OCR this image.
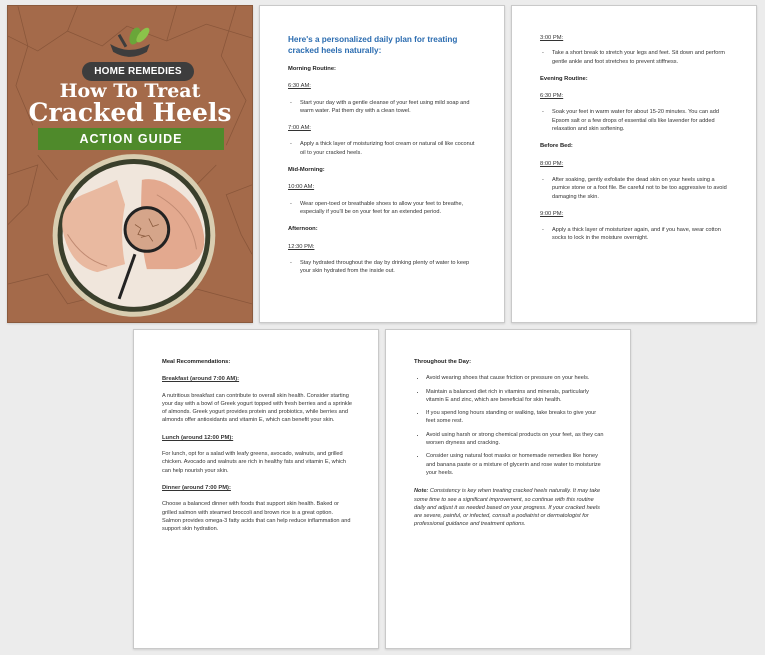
HOME REMEDIES
How To Treat
Cracked Heels
ACTION GUIDE

Here's a personalized daily plan for treating cracked heels naturally:

Morning Routine:

6:30 AM:

- Start your day with a gentle cleanse of your feet using mild soap and warm water. Pat them dry with a clean towel.

7:00 AM:

- Apply a thick layer of moisturizing foot cream or natural oil like coconut oil to your cracked heels.

Mid-Morning:

10:00 AM:

- Wear open-toed or breathable shoes to allow your feet to breathe, especially if you'll be on your feet for an extended period.

Afternoon:

12:30 PM:

- Stay hydrated throughout the day by drinking plenty of water to keep your skin hydrated from the inside out.

3:00 PM:

- Take a short break to stretch your legs and feet. Sit down and perform gentle ankle and foot stretches to prevent stiffness.

Evening Routine:

6:30 PM:

- Soak your feet in warm water for about 15-20 minutes. You can add Epsom salt or a few drops of essential oils like lavender for added relaxation and skin softening.

Before Bed:

8:00 PM:

- After soaking, gently exfoliate the dead skin on your heels using a pumice stone or a foot file. Be careful not to be too aggressive to avoid damaging the skin.

9:00 PM:

- Apply a thick layer of moisturizer again, and if you have, wear cotton socks to lock in the moisture overnight.

Meal Recommendations:

Breakfast (around 7:00 AM):

A nutritious breakfast can contribute to overall skin health. Consider starting your day with a bowl of Greek yogurt topped with fresh berries and a sprinkle of almonds. Greek yogurt provides protein and probiotics, while berries and almonds offer antioxidants and vitamin E, which can benefit your skin.

Lunch (around 12:00 PM):

For lunch, opt for a salad with leafy greens, avocado, walnuts, and grilled chicken. Avocado and walnuts are rich in healthy fats and vitamin E, which can help nourish your skin.

Dinner (around 7:00 PM):

Choose a balanced dinner with foods that support skin health. Baked or grilled salmon with steamed broccoli and brown rice is a great option. Salmon provides omega-3 fatty acids that can help reduce inflammation and support skin hydration.

Throughout the Day:

• Avoid wearing shoes that cause friction or pressure on your heels.
• Maintain a balanced diet rich in vitamins and minerals, particularly vitamin E and zinc, which are beneficial for skin health.
• If you spend long hours standing or walking, take breaks to give your feet some rest.
• Avoid using harsh or strong chemical products on your feet, as they can worsen dryness and cracking.
• Consider using natural foot masks or homemade remedies like honey and banana paste or a mixture of glycerin and rose water to moisturize your heels.

Note: Consistency is key when treating cracked heels naturally. It may take some time to see a significant improvement, so continue with this routine daily and adjust it as needed based on your progress. If your cracked heels are severe, painful, or infected, consult a podiatrist or dermatologist for professional guidance and treatment options.
